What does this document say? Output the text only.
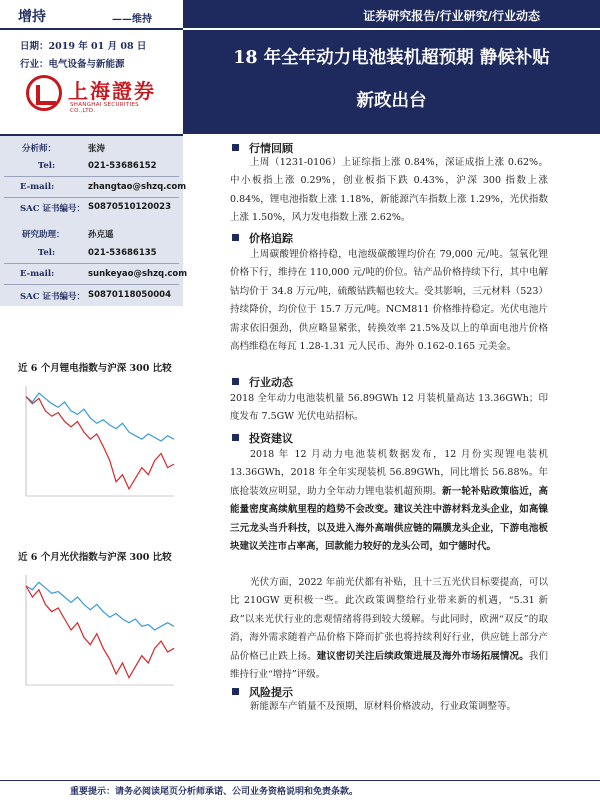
增持	——维持	证券研究报告/行业研究/行业动态
日期：2019 年 01 月 08 日
行业：电气设备与新能源
上海證券
SHANGHAI SECURITIES CO.,LTD.
18 年全年动力电池装机超预期 静候补贴
新政出台
分析师：	张涛
Tel:	021-53686152
E-mail:	zhangtao@shzq.com
SAC 证书编号： S0870510120023
研究助理：	孙克遥
Tel:	021-53686135
E-mail:	sunkeyao@shzq.com
SAC 证书编号： S0870118050004
近 6 个月锂电指数与沪深 300 比较
近 6 个月光伏指数与沪深 300 比较
行情回顾
上周（1231-0106）上证综指上涨 0.84%，深证成指上涨 0.62%。中小板指上涨 0.29%，创业板指下跌 0.43%，沪深 300 指数上涨 0.84%，锂电池指数上涨 1.18%，新能源汽车指数上涨 1.29%，光伏指数上涨 1.50%，风力发电指数上涨 2.62%。
价格追踪
上周碳酸锂价格持稳，电池级碳酸锂均价在 79,000 元/吨。氢氧化锂价格下行，维持在 110,000 元/吨的价位。钴产品价格持续下行，其中电解钴均价于 34.8 万元/吨，硫酸钴跌幅也较大。受其影响，三元材料（523）持续降价，均价位于 15.7 万元/吨。NCM811 价格维持稳定。光伏电池片需求依旧强劲，供应略显紧张，转换效率 21.5%及以上的单面电池片价格高档维稳在每瓦 1.28-1.31 元人民币、海外 0.162-0.165 元美金。
行业动态
2018 全年动力电池装机量 56.89GWh 12 月装机量高达 13.36GWh；印度发布 7.5GW 光伏电站招标。
投资建议
2018 年 12 月动力电池装机数据发布，12 月份实现锂电装机 13.36GWh，2018 年全年实现装机 56.89GWh，同比增长 56.88%。年底抢装效应明显，助力全年动力锂电装机超预期。新一轮补贴政策临近，高能量密度高续航里程的趋势不会改变。建议关注中游材料龙头企业，如高镍三元龙头当升科技，以及进入海外高端供应链的隔膜龙头企业，下游电池板块建议关注市占率高，回款能力较好的龙头公司，如宁德时代。
光伏方面，2022 年前光伏都有补贴，且十三五光伏目标要提高，可以比 210GW 更积极一些。此次政策调整给行业带来新的机遇，“5.31 新政”以来光伏行业的悲观情绪将得到较大缓解。与此同时，欧洲“双反”的取消，海外需求随着产品价格下降而扩张也将持续利好行业，供应链上部分产品价格已止跌上扬。建议密切关注后续政策进展及海外市场拓展情况。我们维持行业“增持”评级。
风险提示
新能源车产销量不及预期，原材料价格波动，行业政策调整等。
重要提示：请务必阅读尾页分析师承诺、公司业务资格说明和免责条款。
